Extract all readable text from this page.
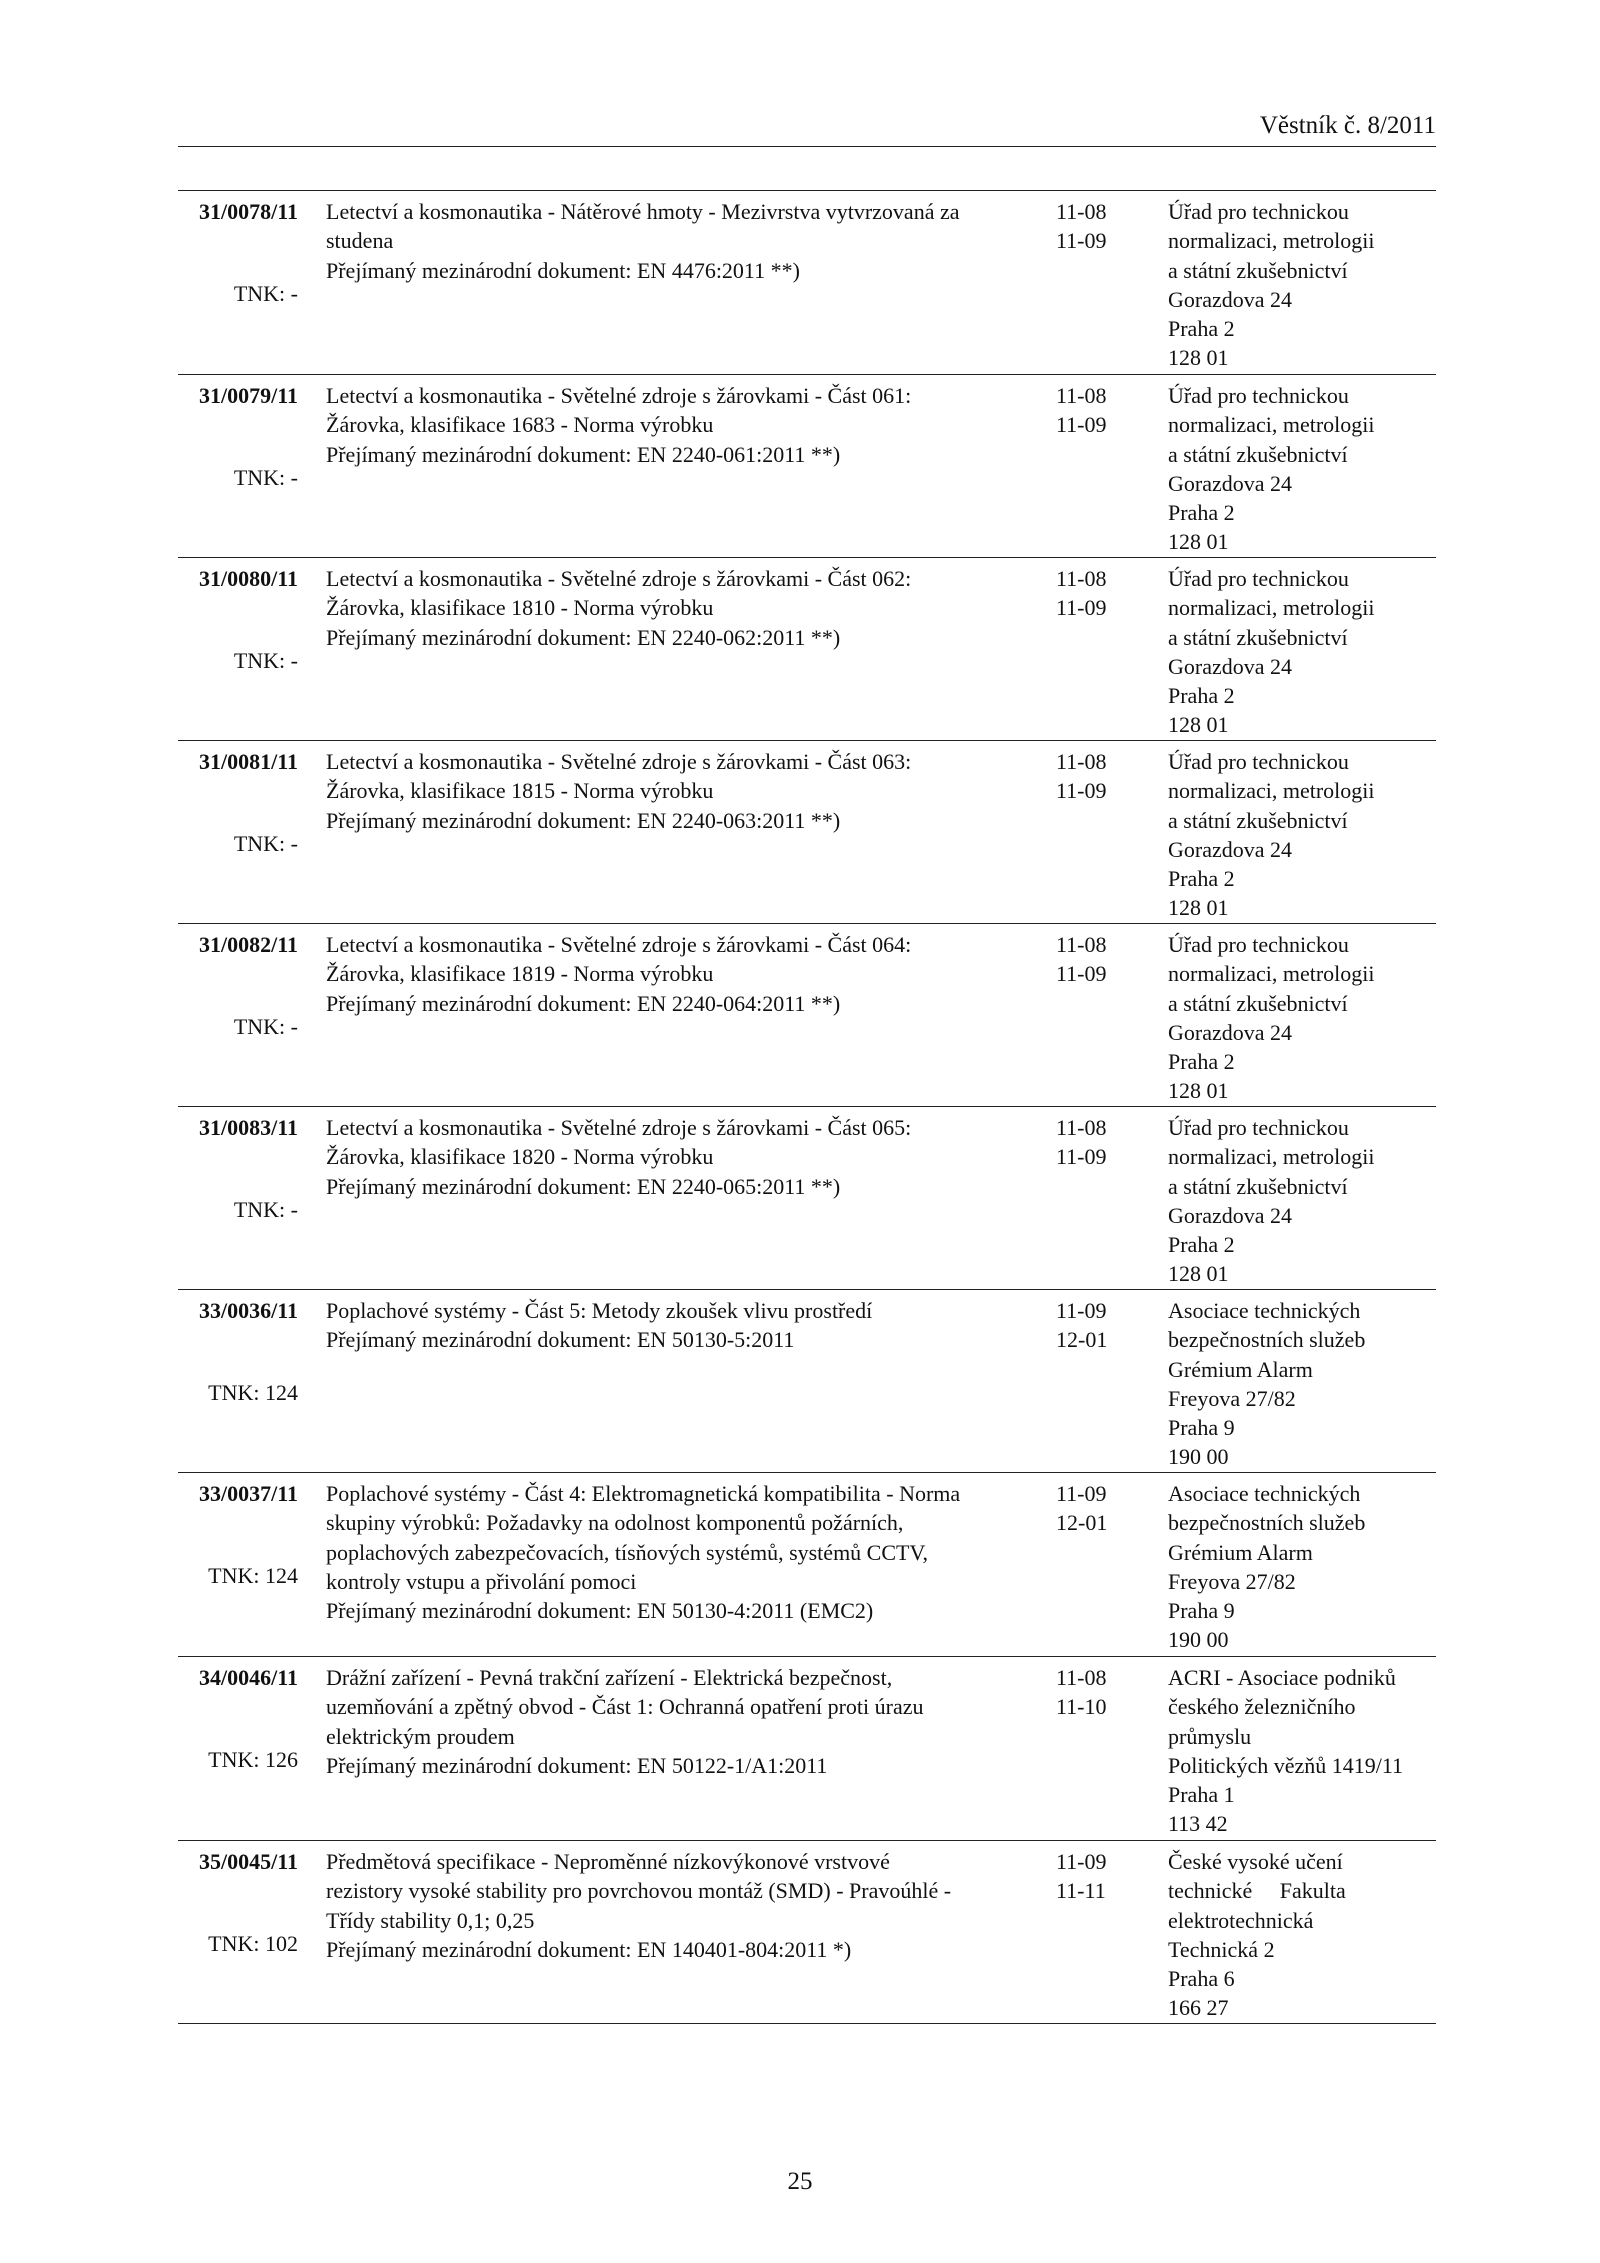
Věstník č. 8/2011
31/0078/11
TNK: -
Letectví a kosmonautika - Nátěrové hmoty - Mezivrstva vytvrzovaná za
studena
Přejímaný mezinárodní dokument: EN 4476:2011 **)
11-08
11-09
Úřad pro technickou
normalizaci, metrologii
a státní zkušebnictví
Gorazdova 24
Praha 2
128 01
31/0079/11
TNK: -
Letectví a kosmonautika - Světelné zdroje s žárovkami - Část 061:
Žárovka, klasifikace 1683 - Norma výrobku
Přejímaný mezinárodní dokument: EN 2240-061:2011 **)
11-08
11-09
Úřad pro technickou
normalizaci, metrologii
a státní zkušebnictví
Gorazdova 24
Praha 2
128 01
31/0080/11
TNK: -
Letectví a kosmonautika - Světelné zdroje s žárovkami - Část 062:
Žárovka, klasifikace 1810 - Norma výrobku
Přejímaný mezinárodní dokument: EN 2240-062:2011 **)
11-08
11-09
Úřad pro technickou
normalizaci, metrologii
a státní zkušebnictví
Gorazdova 24
Praha 2
128 01
31/0081/11
TNK: -
Letectví a kosmonautika - Světelné zdroje s žárovkami - Část 063:
Žárovka, klasifikace 1815 - Norma výrobku
Přejímaný mezinárodní dokument: EN 2240-063:2011 **)
11-08
11-09
Úřad pro technickou
normalizaci, metrologii
a státní zkušebnictví
Gorazdova 24
Praha 2
128 01
31/0082/11
TNK: -
Letectví a kosmonautika - Světelné zdroje s žárovkami - Část 064:
Žárovka, klasifikace 1819 - Norma výrobku
Přejímaný mezinárodní dokument: EN 2240-064:2011 **)
11-08
11-09
Úřad pro technickou
normalizaci, metrologii
a státní zkušebnictví
Gorazdova 24
Praha 2
128 01
31/0083/11
TNK: -
Letectví a kosmonautika - Světelné zdroje s žárovkami - Část 065:
Žárovka, klasifikace 1820 - Norma výrobku
Přejímaný mezinárodní dokument: EN 2240-065:2011 **)
11-08
11-09
Úřad pro technickou
normalizaci, metrologii
a státní zkušebnictví
Gorazdova 24
Praha 2
128 01
33/0036/11
TNK: 124
Poplachové systémy - Část 5: Metody zkoušek vlivu prostředí
Přejímaný mezinárodní dokument: EN 50130-5:2011
11-09
12-01
Asociace technických
bezpečnostních služeb
Grémium Alarm
Freyova 27/82
Praha 9
190 00
33/0037/11
TNK: 124
Poplachové systémy - Část 4: Elektromagnetická kompatibilita - Norma
skupiny výrobků: Požadavky na odolnost komponentů požárních,
poplachových zabezpečovacích, tísňových systémů, systémů CCTV,
kontroly vstupu a přivolání pomoci
Přejímaný mezinárodní dokument: EN 50130-4:2011 (EMC2)
11-09
12-01
Asociace technických
bezpečnostních služeb
Grémium Alarm
Freyova 27/82
Praha 9
190 00
34/0046/11
TNK: 126
Drážní zařízení - Pevná trakční zařízení - Elektrická bezpečnost,
uzemňování a zpětný obvod - Část 1: Ochranná opatření proti úrazu
elektrickým proudem
Přejímaný mezinárodní dokument: EN 50122-1/A1:2011
11-08
11-10
ACRI - Asociace podniků
českého železničního
průmyslu
Politických vězňů 1419/11
Praha 1
113 42
35/0045/11
TNK: 102
Předmětová specifikace - Neproměnné nízkovýkonové vrstvové
rezistory vysoké stability pro povrchovou montáž (SMD) - Pravoúhlé -
Třídy stability 0,1; 0,25
Přejímaný mezinárodní dokument: EN 140401-804:2011 *)
11-09
11-11
České vysoké učení
technické     Fakulta
elektrotechnická
Technická 2
Praha 6
166 27
25
